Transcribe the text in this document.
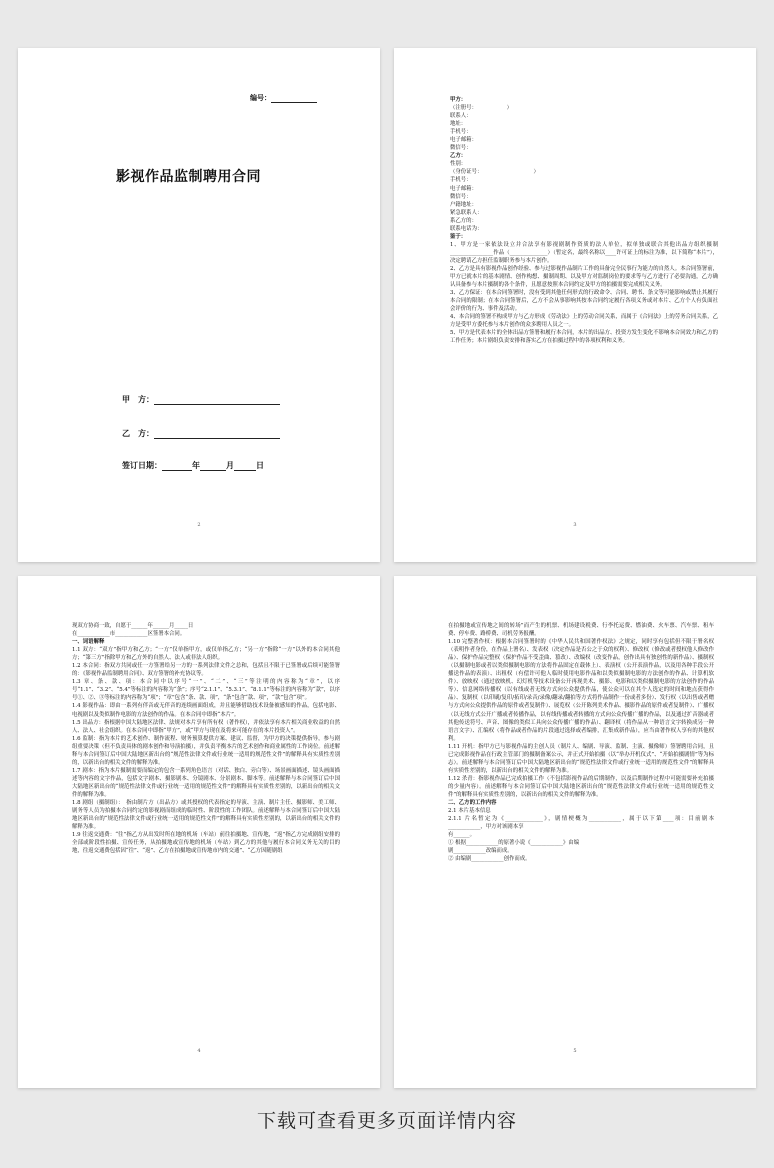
编号：
影视作品监制聘用合同
甲　方：
乙　方：
签订日期：	年	月	日
2

甲方：

（注册号：　　　　　　）

联系人：

地址：

手机号：

电子邮箱：

微信号：

乙方：

性别：

（身份证号：　　　　　　　　　　）

手机号：

电子邮箱：

微信号：

户籍地址：

紧急联系人：

系乙方的：

联系电话为：

鉴于：

1、甲方是一家依法设立并合法享有影视剧制作资质的法人单位，拟单独或联合其他出品方组织摄制________________作品（______________）（暂定名，最终名称以____许可证上的标注为准，以下简称“本片”），决定聘请乙方担任监制职务参与本片创作。

2、乙方是具有影视作品创作经验、参与过影视作品制片工作的具备完全民事行为能力的自然人。本合同签署前，甲方已就本片的基本剧情、创作构想、摄制周期、以及甲方对监制岗位的要求等与乙方进行了必要沟通，乙方确认具备参与本片摄制的各个条件，且愿意按照本合同约定及甲方的拍摄需要完成相关义务。

3、乙方保证：在本合同签署时，没有受到其他任何形式的行政命令、合同、聘书、条文等可能影响或禁止其履行本合同的限制；在本合同签署后，乙方不会从事影响其按本合同约定履行各项义务或对本片、乙方个人有负面社会评价的行为、事件及活动。

4、本合同的签署不构成甲方与乙方形成《劳动法》上的劳动合同关系，而属于《合同法》上的劳务合同关系，乙方是受甲方委托参与本片创作的众多聘用人员之一。

5、甲方是代表本片的全体出品方签署和履行本合同，本片的出品方、投资方发生变化不影响本合同效力和乙方的工作任务；本片剧组负责安排和落实乙方在拍摄过程中的各项权利和义务。

3

现双方协商一致，自愿于______年______月_____日

在____________市____________区签署本合同。

一、词语解释

1.1 双方：“双方”指甲方和乙方；“一方”仅单指甲方，或仅单指乙方；“另一方”指除“一方”以外的本合同其他方；“第三方”指除甲方和乙方外的自然人、法人或非法人组织。

1.2 本合同：指双方共同或任一方签署给另一方的一系列法律文件之总和，包括且不限于已签署或后续可能签署的：《影视作品监制聘用合同》、双方签署的补充协议等。

1.3 章、条、款、项：本合同中以序号“一”、“二”、“三”等注明的内容称为“章”，以序号“1.1”、“3.2”、“5.4”等标注的内容称为“条”；序号“2.1.1”、“5.3.1”、“8.1.1”等标注的内容称为“款”，以序号①、②、③等标注的内容称为“项”；“章”包含“条、款、项”，“条”包含“款、项”，“款”包含“项”。

1.4 影视作品：即由一系列有伴音或无伴音的连续画面组成，并且能够借助技术设备被感知的作品，包括电影、电视剧以及类似制作电影的方法创作的作品。在本合同中即指“本片”。

1.5 出品方：指根据中国大陆地区法律、法规对本片享有所有权（著作权），并依法享有本片相关商业收益的自然人、法人、社会组织。在本合同中即指“甲方”，或“甲方与现在及将来可能存在的本片投资人”。

1.6 监制：指为本片的艺术创作、制作流程、财务预算提供方案、建议、监督，为甲方的决策提供指导，参与剧组重要决策（但不负责具体的剧本创作和导演拍摄），并负责平衡本片的艺术创作和商业属性的工作岗位。前述解释与本合同签订后中国大陆地区新出台的“规范性法律文件或行业统一适用的规范性文件”的解释具有实质性差别的，以新出台的相关文件的解释为准。

1.7 剧本：指为本片摄制需要而编定的包含一系列角色语言（对话、独白、旁白等）、场景画面描述、镜头画面描述等内容的文字作品，包括文字剧本、摄影剧本、分镜剧本、分景剧本、脚本等。前述解释与本合同签订后中国大陆地区新出台的“规范性法律文件或行业统一适用的规范性文件”的解释具有实质性差别的，以新出台的相关文件的解释为准。

1.8 剧组（摄制组）：　指由制片方（出品方）或其授权的代表指定的导演、主演、制片主任、摄影师、美工师、剧务等人员为拍摄本合同约定的影视剧而组成的临时性、阶段性的工作团队。前述解释与本合同签订后中国大陆地区新出台的“规范性法律文件或行业统一适用的规范性文件”的解释具有实质性差别的，以新出台的相关文件的解释为准。

1.9 往返交通费：“往”指乙方从出发时所在地的机场（车站）前往拍摄地、宣传地，“返”指乙方完成剧组安排的全部或阶段性拍摄、宣传任务，从拍摄地或宣传地的机场（车站）到乙方的其他与履行本合同义务无关的目的地，往返交通费包括因“往”、“返”、乙方在拍摄地或宣传地市内的交通”、“乙方因随剧组

4

在拍摄地或宣传地之间的转场”而产生的机票、机场建设税费、行李托运费、燃油费、火车票、汽车票、租车费、停车费、路桥费、司机劳务报酬。

1.10 完整著作权：根据本合同签署时的《中华人民共和国著作权法》之规定，同时享有包括但不限于署名权（表明作者身份，在作品上署名）、发表权（决定作品是否公之于众的权利）、修改权（修改或者授权他人修改作品）、保护作品完整权（保护作品不受歪曲、篡改）、改编权（改变作品，创作出具有独创性的新作品）、摄制权（以摄制电影或者以类似摄制电影的方法将作品固定在载体上）、表演权（公开表演作品，以及用各种手段公开播送作品的表演）、出租权（有偿许可他人临时使用电影作品和以类似摄制电影的方法创作的作品、计算机软件）、放映权（通过放映机、幻灯机等技术设备公开再现美术、摄影、电影和以类似摄制电影的方法创作的作品等）、信息网络传播权（以有线或者无线方式向公众提供作品，使公众可以在其个人选定的时间和地点获得作品）、复制权（以印刷/复印/拓印/录音/录像/翻录/翻拍等方式将作品制作一份或者多份）、发行权（以出售或者赠与方式向公众提供作品的原件或者复制件）、展览权（公开陈列美术作品、摄影作品的原件或者复制件）、广播权（以无线方式公开广播或者传播作品，以有线传播或者转播的方式向公众传播广播的作品，以及通过扩音器或者其他传送符号、声音、图像的类似工具向公众传播广播的作品）、翻译权（将作品从一种语言文字转换成另一种语言文字）、汇编权（将作品或者作品的片段通过选择或者编排，汇集成新作品），应当由著作权人享有的其他权利。

1.11 开机：指甲方已与影视作品的主创人员（制片人、编剧、导演、监制、主演、摄像师）签署聘用合同，且已完成影视作品在行政主管部门的摄制备案公示，并正式开始拍摄（以“举办开机仪式”、“开始拍摄剧情”等为标志）。前述解释与本合同签订后中国大陆地区新出台的“规范性法律文件或行业统一适用的规范性文件”的解释具有实质性差别的，以新出台的相关文件的解释为准。

1.12 杀青：指影视作品已完成拍摄工作（不包括影视作品的后期制作，以及后期制作过程中可能需要补充拍摄的少量内容）。前述解释与本合同签订后中国大陆地区新出台的“规范性法律文件或行业统一适用的规范性文件”的解释具有实质性差别的，以新出台的相关文件的解释为准。

二、乙方的工作内容

2.1 本片基本信息

2.1.1 片名暂定为《______________》，剧情梗概为____________，属于以下第____项：目前剧本____________，甲方对该剧本享

有______。

① 根据____________的原著小说《____________》由编

剧____________改编而成。

② 由编剧____________创作而成。

5
下载可查看更多页面详情内容
